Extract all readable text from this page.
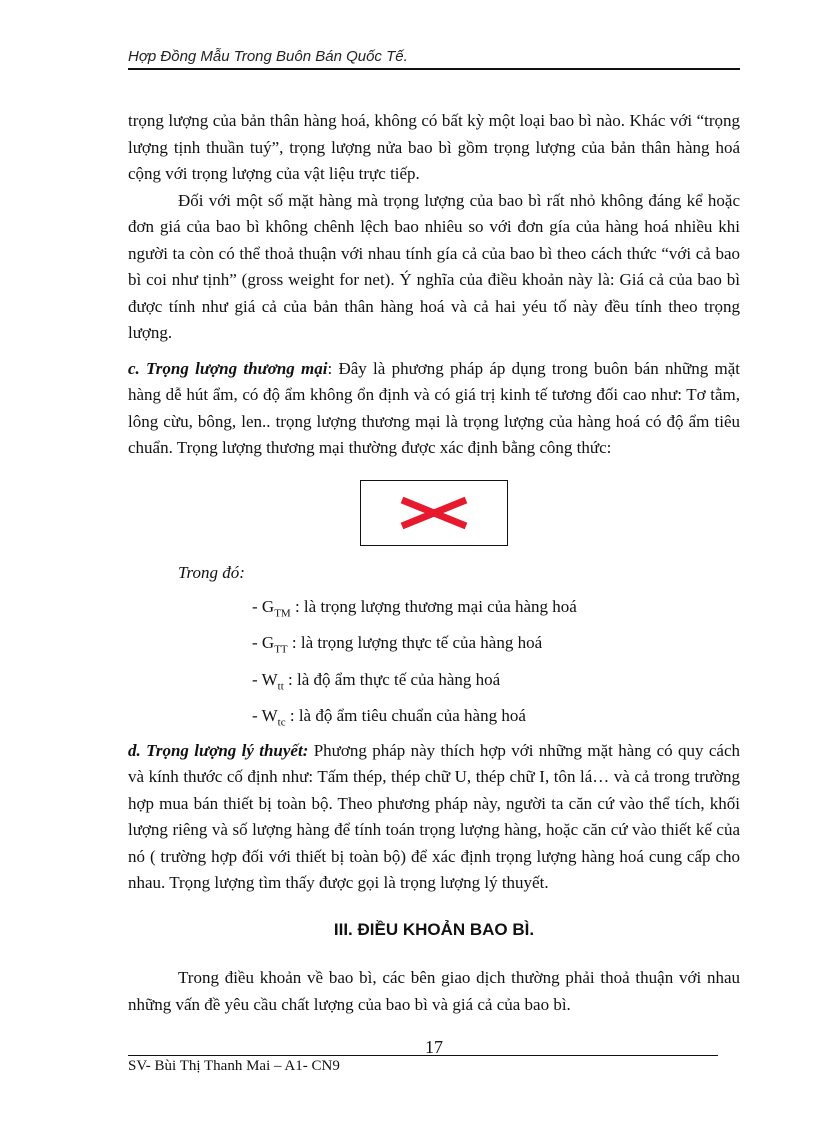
Hợp Đồng Mẫu Trong Buôn Bán Quốc Tế.

trọng lượng của bản thân hàng hoá, không có bất kỳ một loại bao bì nào. Khác với “trọng lượng tịnh thuần tuý”, trọng lượng nửa bao bì gồm trọng lượng của bản thân hàng hoá cộng với trọng lượng của vật liệu trực tiếp.

Đối với một số mặt hàng mà trọng lượng của bao bì rất nhỏ không đáng kể hoặc đơn giá của bao bì không chênh lệch bao nhiêu so với đơn gía của hàng hoá nhiều khi người ta còn có thể thoả thuận với nhau tính gía cả của bao bì theo cách thức “với cả bao bì coi như tịnh” (gross weight for net). Ý nghĩa của điều khoản này là: Giá cả của bao bì được tính như giá cả của bản thân hàng hoá và cả hai yéu tố này đều tính theo trọng lượng.

c. Trọng lượng thương mại: Đây là phương pháp áp dụng trong buôn bán những mặt hàng dễ hút ẩm, có độ ẩm không ổn định và có giá trị kinh tế tương đối cao như: Tơ tằm, lông cừu, bông, len.. trọng lượng thương mại là trọng lượng của hàng hoá có độ ẩm tiêu chuẩn. Trọng lượng thương mại thường được xác định bằng công thức:

Trong đó:

- $G_{TM}$ : là trọng lượng thương mại của hàng hoá

- $G_{TT}$ : là trọng lượng thực tế của hàng hoá

- $W_{tt}$ : là độ ẩm thực tế của hàng hoá

- $W_{tc}$ : là độ ẩm tiêu chuẩn của hàng hoá

d. Trọng lượng lý thuyết: Phương pháp này thích hợp với những mặt hàng có quy cách và kính thước cố định như: Tấm thép, thép chữ U, thép chữ I, tôn lá… và cả trong trường hợp mua bán thiết bị toàn bộ. Theo phương pháp này, người ta căn cứ vào thể tích, khối lượng riêng và số lượng hàng để tính toán trọng lượng hàng, hoặc căn cứ vào thiết kế của nó ( trường hợp đối với thiết bị toàn bộ) để xác định trọng lượng hàng hoá cung cấp cho nhau. Trọng lượng tìm thấy được gọi là trọng lượng lý thuyết.

III. ĐIỀU KHOẢN BAO BÌ.

Trong điều khoản về bao bì, các bên giao dịch thường phải thoả thuận với nhau những vấn đề yêu cầu chất lượng của bao bì và giá cả của bao bì.

17
SV- Bùi Thị Thanh Mai – A1- CN9
